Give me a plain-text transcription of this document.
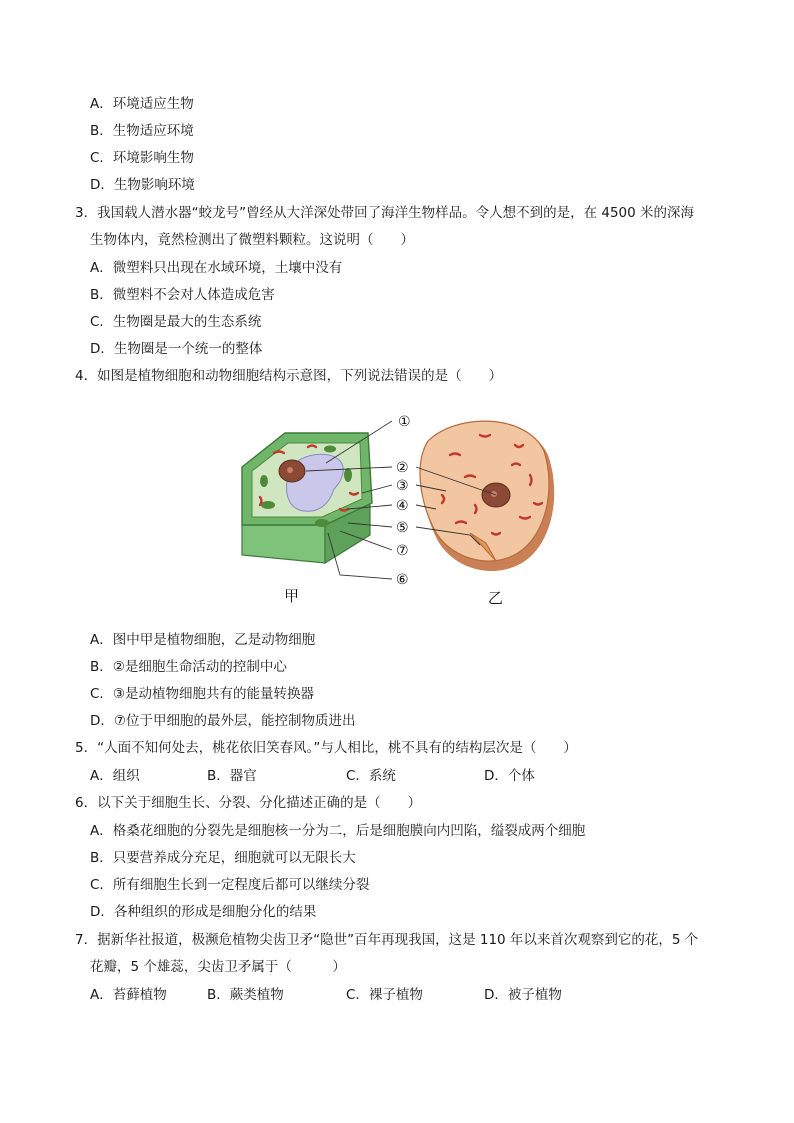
A．环境适应生物
B．生物适应环境
C．环境影响生物
D．生物影响环境
3．我国载人潜水器“蛟龙号”曾经从大洋深处带回了海洋生物样品。令人想不到的是，在 4500 米的深海
生物体内，竟然检测出了微塑料颗粒。这说明（　　）
A．微塑料只出现在水域环境，土壤中没有
B．微塑料不会对人体造成危害
C．生物圈是最大的生态系统
D．生物圈是一个统一的整体
4．如图是植物细胞和动物细胞结构示意图，下列说法错误的是（　　）
①
②
③
④
⑤
⑦
⑥
甲	乙
A．图中甲是植物细胞，乙是动物细胞
B．②是细胞生命活动的控制中心
C．③是动植物细胞共有的能量转换器
D．⑦位于甲细胞的最外层，能控制物质进出
5．“人面不知何处去，桃花依旧笑春风。”与人相比，桃不具有的结构层次是（　　）
A．组织	B．器官	C．系统	D．个体
6．以下关于细胞生长、分裂、分化描述正确的是（　　）
A．格桑花细胞的分裂先是细胞核一分为二，后是细胞膜向内凹陷，缢裂成两个细胞
B．只要营养成分充足，细胞就可以无限长大
C．所有细胞生长到一定程度后都可以继续分裂
D．各种组织的形成是细胞分化的结果
7．据新华社报道，极濒危植物尖齿卫矛“隐世”百年再现我国，这是 110 年以来首次观察到它的花，5 个
花瓣，5 个雄蕊，尖齿卫矛属于（　　　）
A．苔藓植物	B．蕨类植物	C．裸子植物	D．被子植物
